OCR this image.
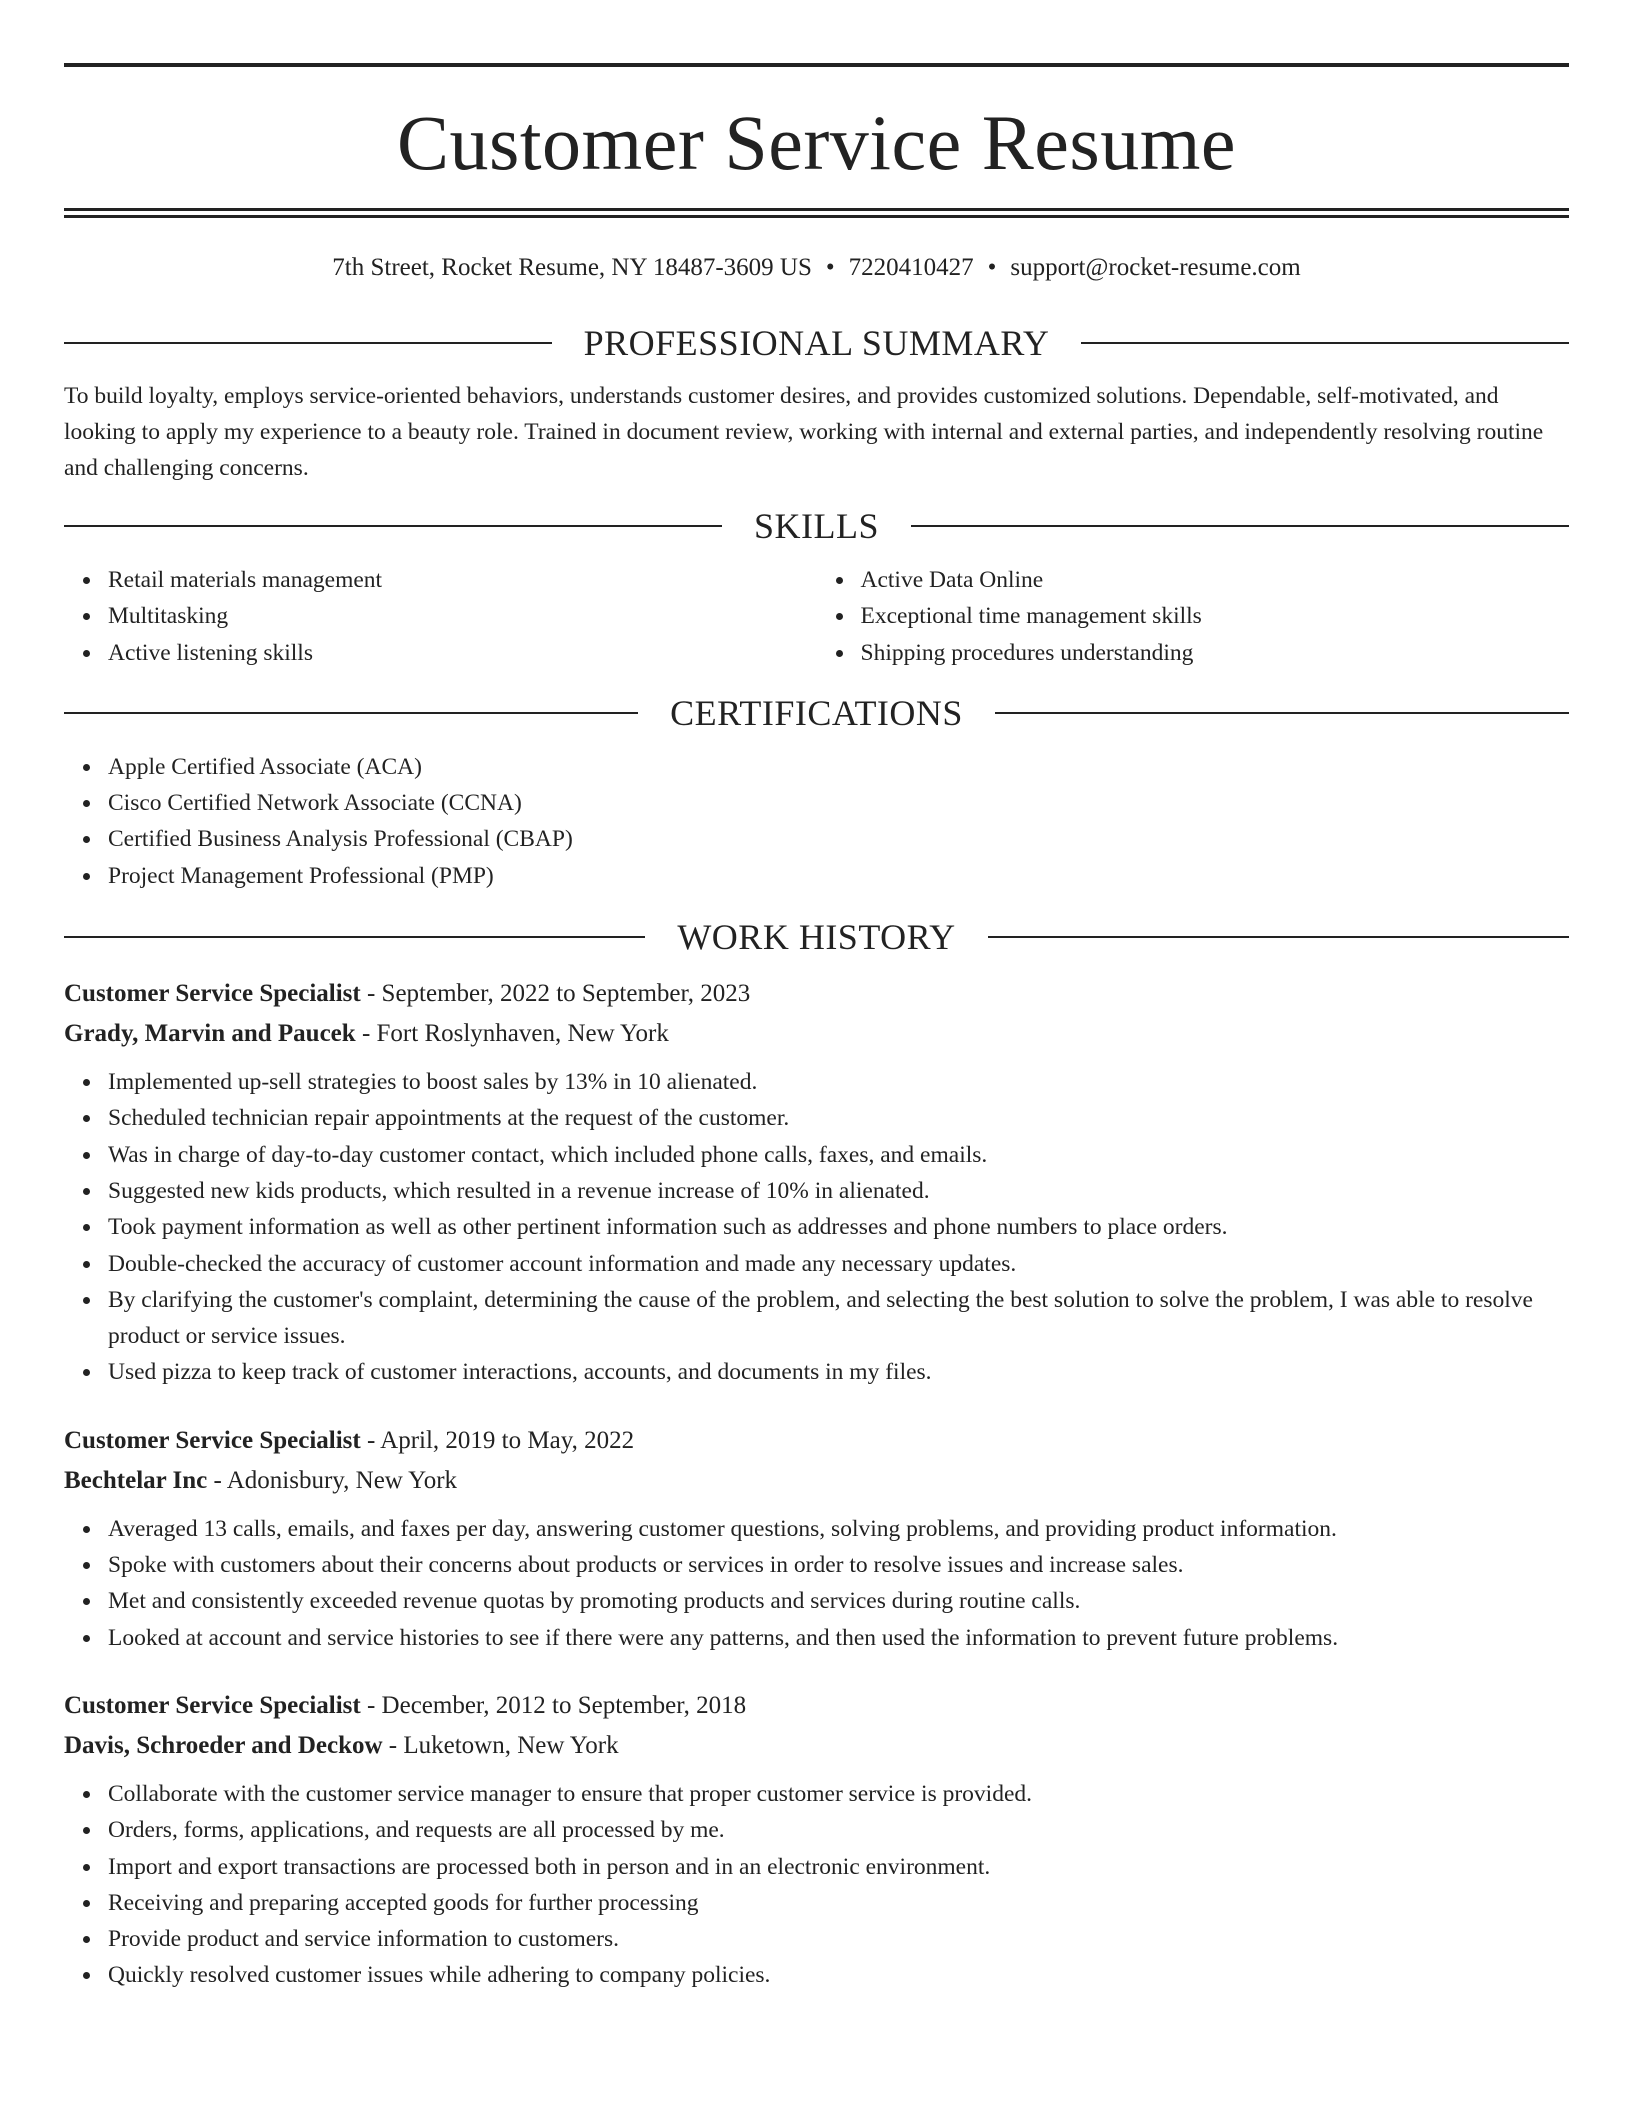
Customer Service Resume
7th Street, Rocket Resume, NY 18487-3609 US • 7220410427 • support@rocket-resume.com
PROFESSIONAL SUMMARY
To build loyalty, employs service-oriented behaviors, understands customer desires, and provides customized solutions. Dependable, self-motivated, and looking to apply my experience to a beauty role. Trained in document review, working with internal and external parties, and independently resolving routine and challenging concerns.
SKILLS
Retail materials management
Multitasking
Active listening skills
Active Data Online
Exceptional time management skills
Shipping procedures understanding
CERTIFICATIONS
Apple Certified Associate (ACA)
Cisco Certified Network Associate (CCNA)
Certified Business Analysis Professional (CBAP)
Project Management Professional (PMP)
WORK HISTORY
Customer Service Specialist - September, 2022 to September, 2023
Grady, Marvin and Paucek - Fort Roslynhaven, New York
Implemented up-sell strategies to boost sales by 13% in 10 alienated.
Scheduled technician repair appointments at the request of the customer.
Was in charge of day-to-day customer contact, which included phone calls, faxes, and emails.
Suggested new kids products, which resulted in a revenue increase of 10% in alienated.
Took payment information as well as other pertinent information such as addresses and phone numbers to place orders.
Double-checked the accuracy of customer account information and made any necessary updates.
By clarifying the customer's complaint, determining the cause of the problem, and selecting the best solution to solve the problem, I was able to resolve product or service issues.
Used pizza to keep track of customer interactions, accounts, and documents in my files.
Customer Service Specialist - April, 2019 to May, 2022
Bechtelar Inc - Adonisbury, New York
Averaged 13 calls, emails, and faxes per day, answering customer questions, solving problems, and providing product information.
Spoke with customers about their concerns about products or services in order to resolve issues and increase sales.
Met and consistently exceeded revenue quotas by promoting products and services during routine calls.
Looked at account and service histories to see if there were any patterns, and then used the information to prevent future problems.
Customer Service Specialist - December, 2012 to September, 2018
Davis, Schroeder and Deckow - Luketown, New York
Collaborate with the customer service manager to ensure that proper customer service is provided.
Orders, forms, applications, and requests are all processed by me.
Import and export transactions are processed both in person and in an electronic environment.
Receiving and preparing accepted goods for further processing
Provide product and service information to customers.
Quickly resolved customer issues while adhering to company policies.
